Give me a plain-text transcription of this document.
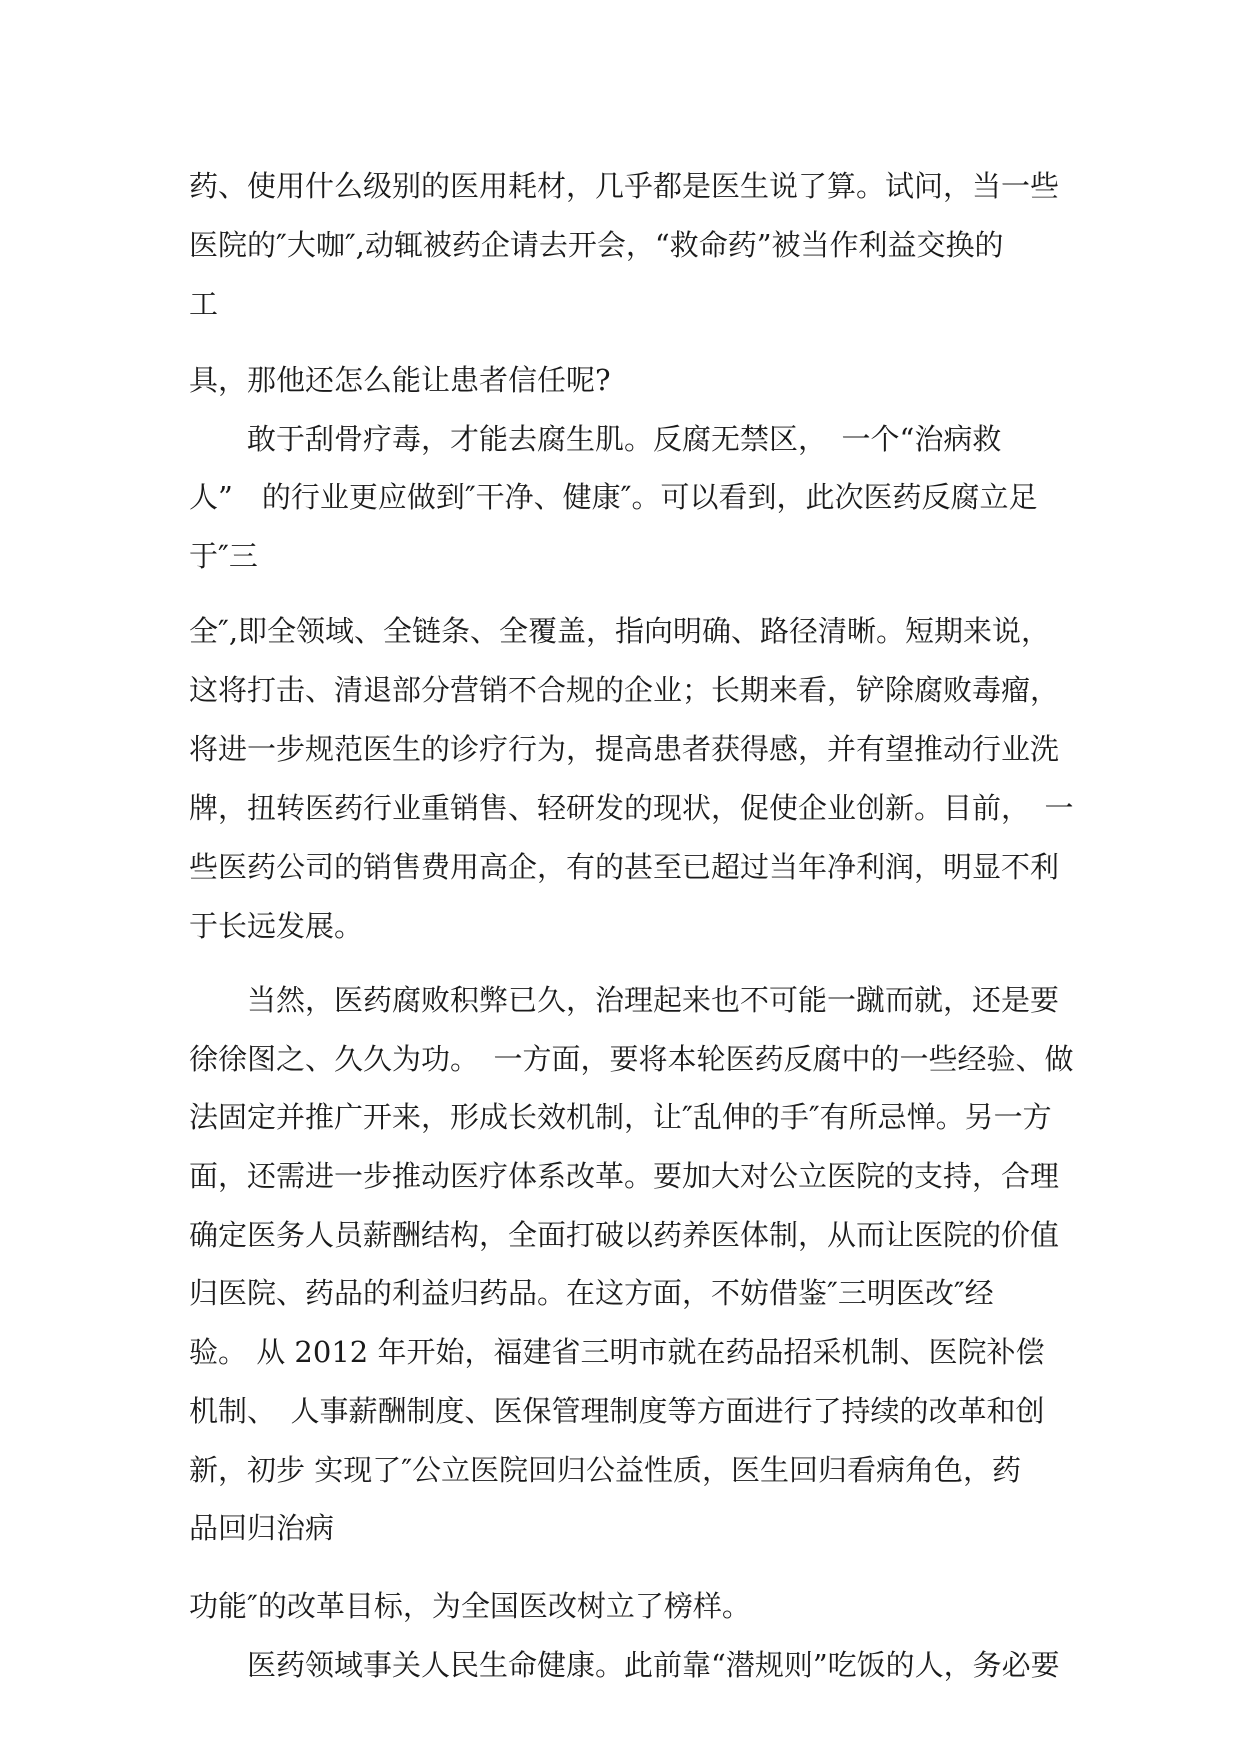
药、使用什么级别的医用耗材，几乎都是医生说了算。试问，当一些
医院的″大咖″,动辄被药企请去开会，“救命药”被当作利益交换的
工
具，那他还怎么能让患者信任呢?
　　敢于刮骨疗毒，才能去腐生肌。反腐无禁区，　一个“治病救
人”　的行业更应做到″干净、健康″。可以看到，此次医药反腐立足
于″三
全″,即全领域、全链条、全覆盖，指向明确、路径清晰。短期来说，
这将打击、清退部分营销不合规的企业；长期来看，铲除腐败毒瘤，
将进一步规范医生的诊疗行为，提高患者获得感，并有望推动行业洗
牌，扭转医药行业重销售、轻研发的现状，促使企业创新。目前，　一
些医药公司的销售费用高企，有的甚至已超过当年净利润，明显不利
于长远发展。
　　当然，医药腐败积弊已久，治理起来也不可能一蹴而就，还是要
徐徐图之、久久为功。　一方面，要将本轮医药反腐中的一些经验、做
法固定并推广开来，形成长效机制，让″乱伸的手″有所忌惮。另一方
面，还需进一步推动医疗体系改革。要加大对公立医院的支持，合理
确定医务人员薪酬结构，全面打破以药养医体制，从而让医院的价值
归医院、药品的利益归药品。在这方面，不妨借鉴″三明医改″经
验。 从 2012 年开始，福建省三明市就在药品招采机制、医院补偿
机制、　人事薪酬制度、医保管理制度等方面进行了持续的改革和创
新，初步 实现了″公立医院回归公益性质，医生回归看病角色，药
品回归治病
功能″的改革目标，为全国医改树立了榜样。
　　医药领域事关人民生命健康。此前靠“潜规则”吃饭的人，务必要
